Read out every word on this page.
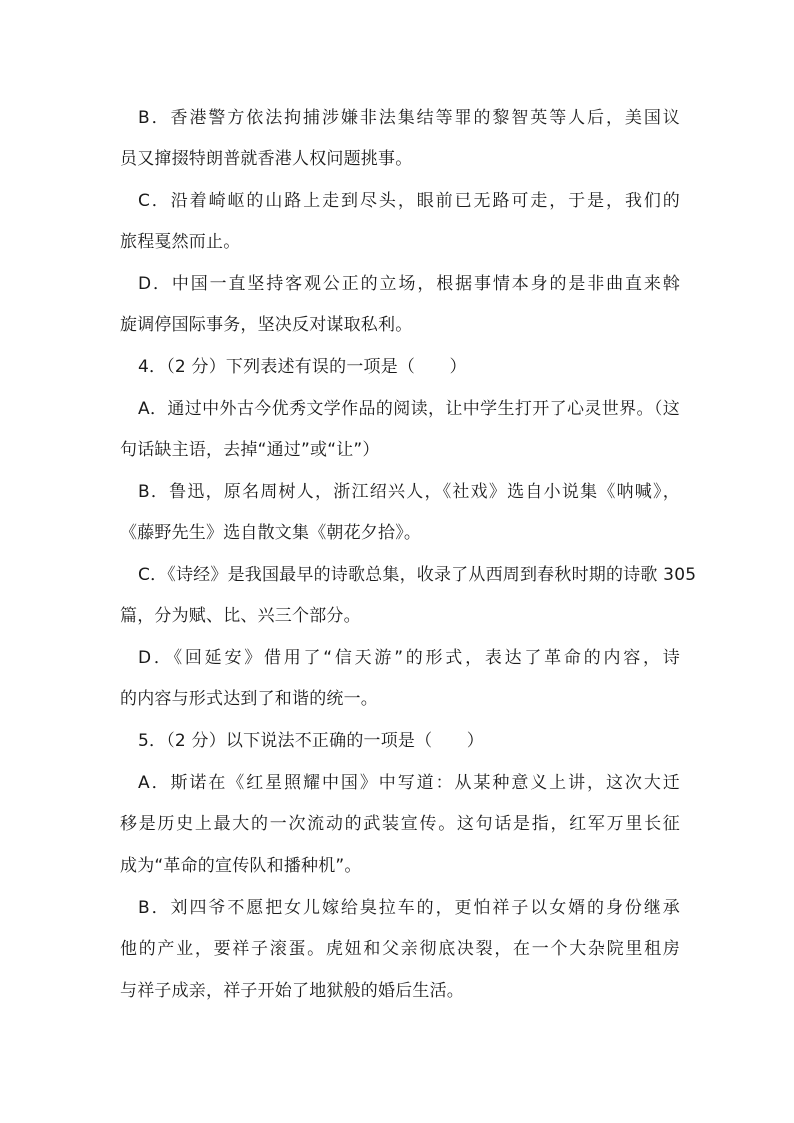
B．香港警方依法拘捕涉嫌非法集结等罪的黎智英等人后，美国议
员又撺掇特朗普就香港人权问题挑事。
C．沿着崎岖的山路上走到尽头，眼前已无路可走，于是，我们的
旅程戛然而止。
D．中国一直坚持客观公正的立场，根据事情本身的是非曲直来斡
旋调停国际事务，坚决反对谋取私利。
4．（2 分）下列表述有误的一项是（　　）
A．通过中外古今优秀文学作品的阅读，让中学生打开了心灵世界。（这
句话缺主语，去掉“通过”或“让”）
B．鲁迅，原名周树人，浙江绍兴人，《社戏》选自小说集《呐喊》，
《藤野先生》选自散文集《朝花夕拾》。
C．《诗经》是我国最早的诗歌总集，收录了从西周到春秋时期的诗歌 305
篇，分为赋、比、兴三个部分。
D．《回延安》借用了“信天游”的形式，表达了革命的内容，诗
的内容与形式达到了和谐的统一。
5．（2 分）以下说法不正确的一项是（　　）
A．斯诺在《红星照耀中国》中写道：从某种意义上讲，这次大迁
移是历史上最大的一次流动的武装宣传。这句话是指，红军万里长征
成为“革命的宣传队和播种机”。
B．刘四爷不愿把女儿嫁给臭拉车的，更怕祥子以女婿的身份继承
他的产业，要祥子滚蛋。虎妞和父亲彻底决裂，在一个大杂院里租房
与祥子成亲，祥子开始了地狱般的婚后生活。
